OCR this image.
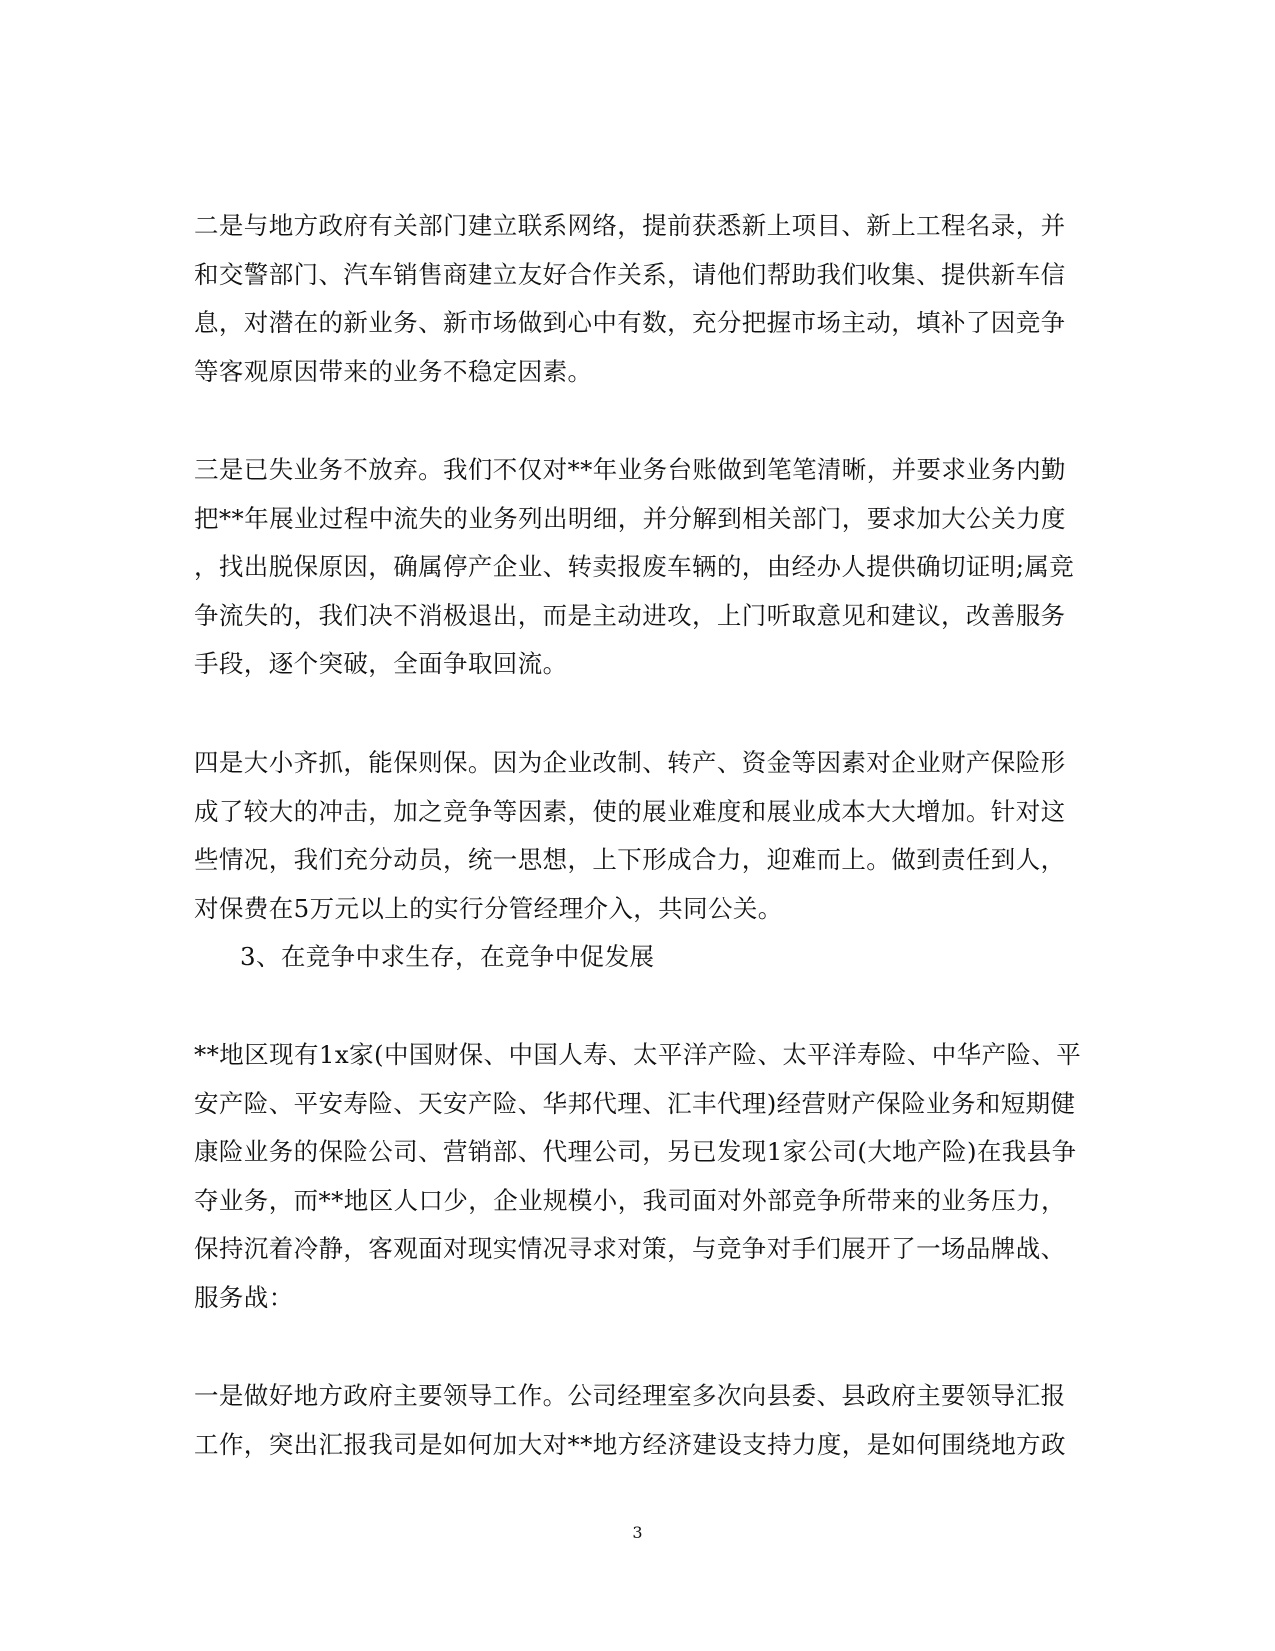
二是与地方政府有关部门建立联系网络，提前获悉新上项目、新上工程名录，并
和交警部门、汽车销售商建立友好合作关系，请他们帮助我们收集、提供新车信
息，对潜在的新业务、新市场做到心中有数，充分把握市场主动，填补了因竞争
等客观原因带来的业务不稳定因素。

三是已失业务不放弃。我们不仅对**年业务台账做到笔笔清晰，并要求业务内勤
把**年展业过程中流失的业务列出明细，并分解到相关部门，要求加大公关力度
，找出脱保原因，确属停产企业、转卖报废车辆的，由经办人提供确切证明;属竞
争流失的，我们决不消极退出，而是主动进攻，上门听取意见和建议，改善服务
手段，逐个突破，全面争取回流。

四是大小齐抓，能保则保。因为企业改制、转产、资金等因素对企业财产保险形
成了较大的冲击，加之竞争等因素，使的展业难度和展业成本大大增加。针对这
些情况，我们充分动员，统一思想，上下形成合力，迎难而上。做到责任到人，
对保费在5万元以上的实行分管经理介入，共同公关。

3、在竞争中求生存，在竞争中促发展

**地区现有1x家(中国财保、中国人寿、太平洋产险、太平洋寿险、中华产险、平
安产险、平安寿险、天安产险、华邦代理、汇丰代理)经营财产保险业务和短期健
康险业务的保险公司、营销部、代理公司，另已发现1家公司(大地产险)在我县争
夺业务，而**地区人口少，企业规模小，我司面对外部竞争所带来的业务压力，
保持沉着冷静，客观面对现实情况寻求对策，与竞争对手们展开了一场品牌战、
服务战：

一是做好地方政府主要领导工作。公司经理室多次向县委、县政府主要领导汇报
工作，突出汇报我司是如何加大对**地方经济建设支持力度，是如何围绕地方政

3
